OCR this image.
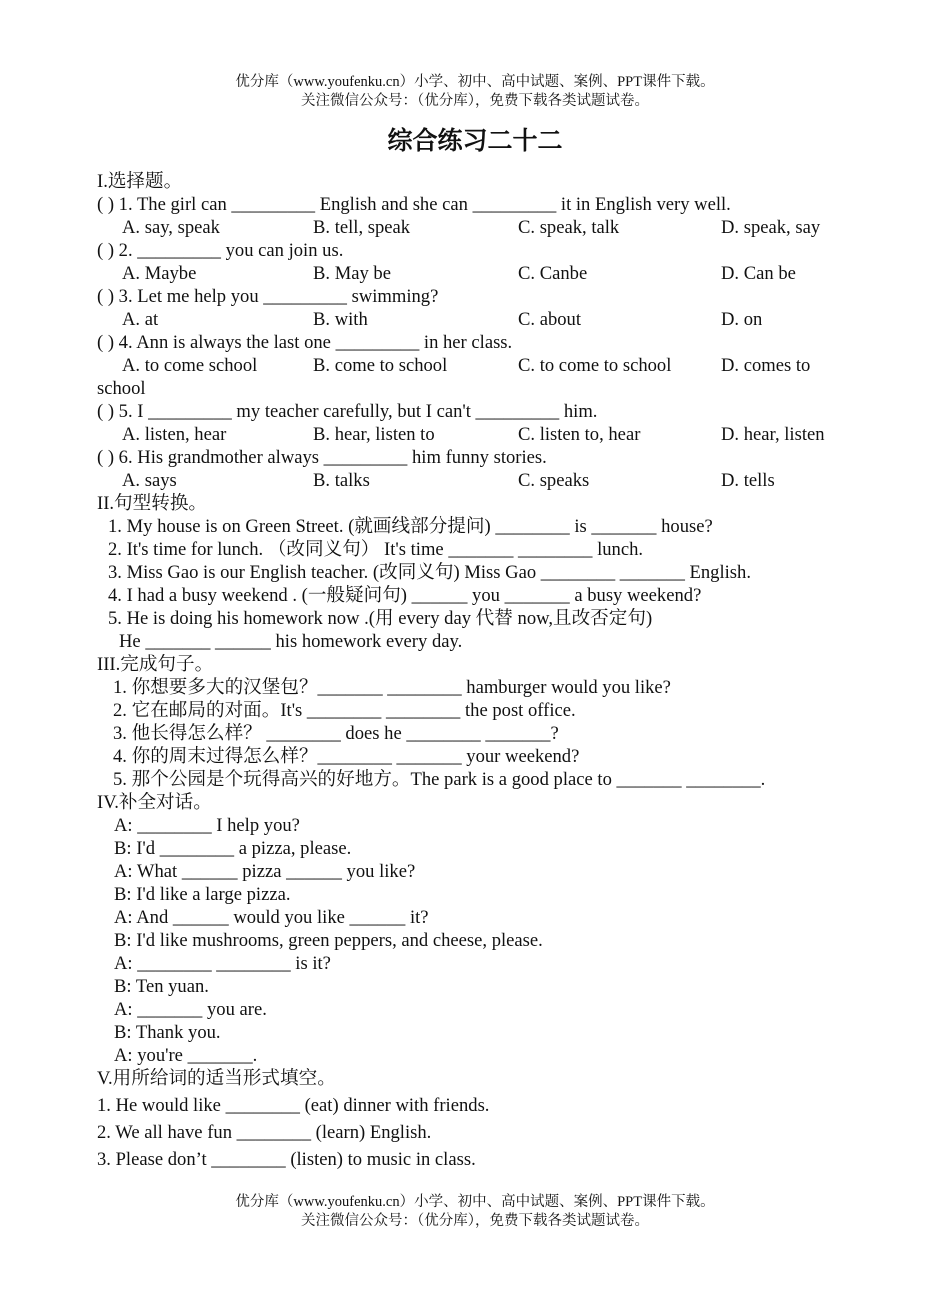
优分库（www.youfenku.cn）小学、初中、高中试题、案例、PPT课件下载。
关注微信公众号：（优分库），免费下载各类试题试卷。
综合练习二十二
I.选择题。
( ) 1. The girl can _________ English and she can _________ it in English very well.
A. say, speak	B. tell, speak	C. speak, talk	D. speak, say
( ) 2. _________ you can join us.
A. Maybe	B. May be	C. Canbe	D. Can be
( ) 3. Let me help you _________ swimming?
A. at	B. with	C. about	D. on
( ) 4. Ann is always the last one _________ in her class.
A. to come school	B. come to school	C. to come to school	D. comes to
school
( ) 5. I _________ my teacher carefully, but I can't _________ him.
A. listen, hear	B. hear, listen to	C. listen to, hear	D. hear, listen
( ) 6. His grandmother always _________ him funny stories.
A. says	B. talks	C. speaks	D. tells
II.句型转换。
1. My house is on Green Street. (就画线部分提问) ________ is _______ house?
2. It's time for lunch. （改同义句） It's time _______ ________ lunch.
3. Miss Gao is our English teacher. (改同义句) Miss Gao ________ _______ English.
4. I had a busy weekend . (一般疑问句) ______ you _______ a busy weekend?
5. He is doing his homework now .(用 every day 代替 now,且改否定句)
He _______ ______ his homework every day.
III.完成句子。
1. 你想要多大的汉堡包？_______ ________ hamburger would you like?
2. 它在邮局的对面。It's ________ ________ the post office.
3. 他长得怎么样？ ________ does he ________ _______?
4. 你的周末过得怎么样？________ _______ your weekend?
5. 那个公园是个玩得高兴的好地方。The park is a good place to _______ ________.
IV.补全对话。
A: ________ I help you?
B: I'd ________ a pizza, please.
A: What ______ pizza ______ you like?
B: I'd like a large pizza.
A: And ______ would you like ______ it?
B: I'd like mushrooms, green peppers, and cheese, please.
A: ________ ________ is it?
B: Ten yuan.
A: _______ you are.
B: Thank you.
A: you're _______.
V.用所给词的适当形式填空。
1. He would like ________ (eat) dinner with friends.
2. We all have fun ________ (learn) English.
3. Please don’t ________ (listen) to music in class.
优分库（www.youfenku.cn）小学、初中、高中试题、案例、PPT课件下载。
关注微信公众号：（优分库），免费下载各类试题试卷。
